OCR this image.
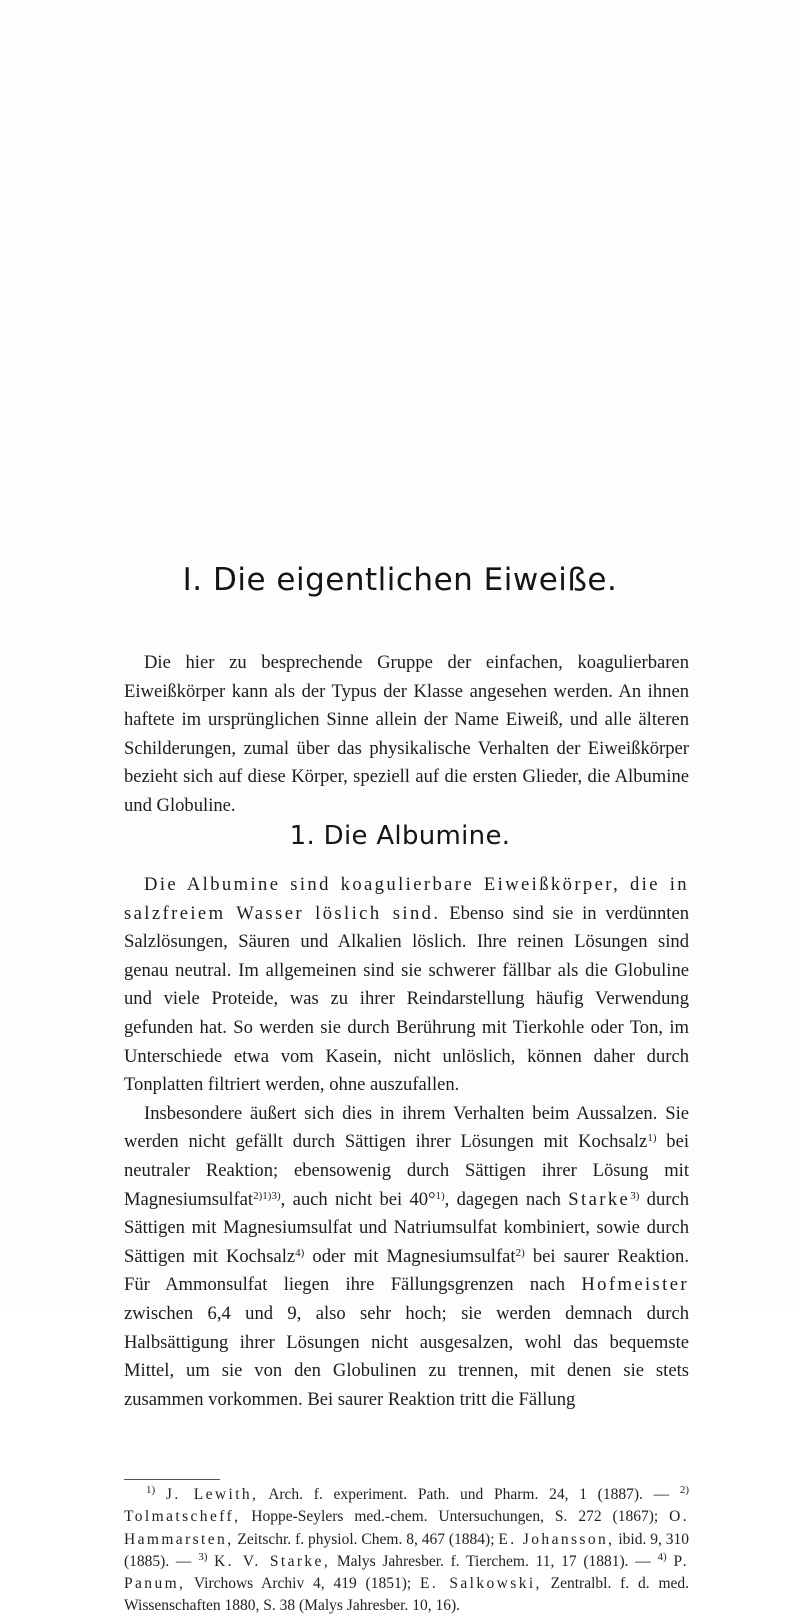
I. Die eigentlichen Eiweiße.

Die hier zu besprechende Gruppe der einfachen, koagulierbaren Eiweißkörper kann als der Typus der Klasse angesehen werden. An ihnen haftete im ursprünglichen Sinne allein der Name Eiweiß, und alle älteren Schilderungen, zumal über das physikalische Verhalten der Eiweißkörper bezieht sich auf diese Körper, speziell auf die ersten Glieder, die Albumine und Globuline.

1. Die Albumine.

Die Albumine sind koagulierbare Eiweißkörper, die in salzfreiem Wasser löslich sind. Ebenso sind sie in verdünnten Salzlösungen, Säuren und Alkalien löslich. Ihre reinen Lösungen sind genau neutral. Im allgemeinen sind sie schwerer fällbar als die Globuline und viele Proteide, was zu ihrer Reindarstellung häufig Verwendung gefunden hat. So werden sie durch Berührung mit Tierkohle oder Ton, im Unterschiede etwa vom Kasein, nicht unlöslich, können daher durch Tonplatten filtriert werden, ohne auszufallen.

Insbesondere äußert sich dies in ihrem Verhalten beim Aussalzen. Sie werden nicht gefällt durch Sättigen ihrer Lösungen mit Kochsalz$^{1)}$ bei neutraler Reaktion; ebensowenig durch Sättigen ihrer Lösung mit Magnesiumsulfat$^{2)1)3)}$, auch nicht bei 40°$^{1)}$, dagegen nach Starke$^{3)}$ durch Sättigen mit Magnesiumsulfat und Natriumsulfat kombiniert, sowie durch Sättigen mit Kochsalz$^{4)}$ oder mit Magnesiumsulfat$^{2)}$ bei saurer Reaktion. Für Ammonsulfat liegen ihre Fällungsgrenzen nach Hofmeister zwischen 6,4 und 9, also sehr hoch; sie werden demnach durch Halbsättigung ihrer Lösungen nicht ausgesalzen, wohl das bequemste Mittel, um sie von den Globulinen zu trennen, mit denen sie stets zusammen vorkommen. Bei saurer Reaktion tritt die Fällung

$^{1)}$ J. Lewith, Arch. f. experiment. Path. und Pharm. 24, 1 (1887). — $^{2)}$ Tolmatscheff, Hoppe-Seylers med.-chem. Untersuchungen, S. 272 (1867); O. Hammarsten, Zeitschr. f. physiol. Chem. 8, 467 (1884); E. Johansson, ibid. 9, 310 (1885). — $^{3)}$ K. V. Starke, Malys Jahresber. f. Tierchem. 11, 17 (1881). — $^{4)}$ P. Panum, Virchows Archiv 4, 419 (1851); E. Salkowski, Zentralbl. f. d. med. Wissenschaften 1880, S. 38 (Malys Jahresber. 10, 16).
